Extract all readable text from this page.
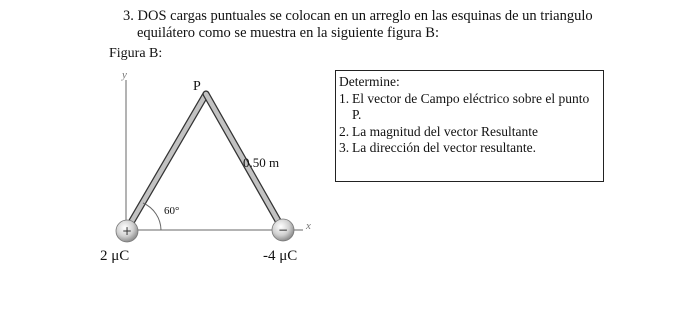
3. DOS cargas puntuales se colocan en un arreglo en las esquinas de un triangulo
equilátero como se muestra en la siguiente figura B:
Figura B:
+	−
y
P
0.50 m
60°
x
2 μC	-4 μC
Determine:
1. El vector de Campo eléctrico sobre el punto P.
2. La magnitud del vector Resultante
3. La dirección del vector resultante.
